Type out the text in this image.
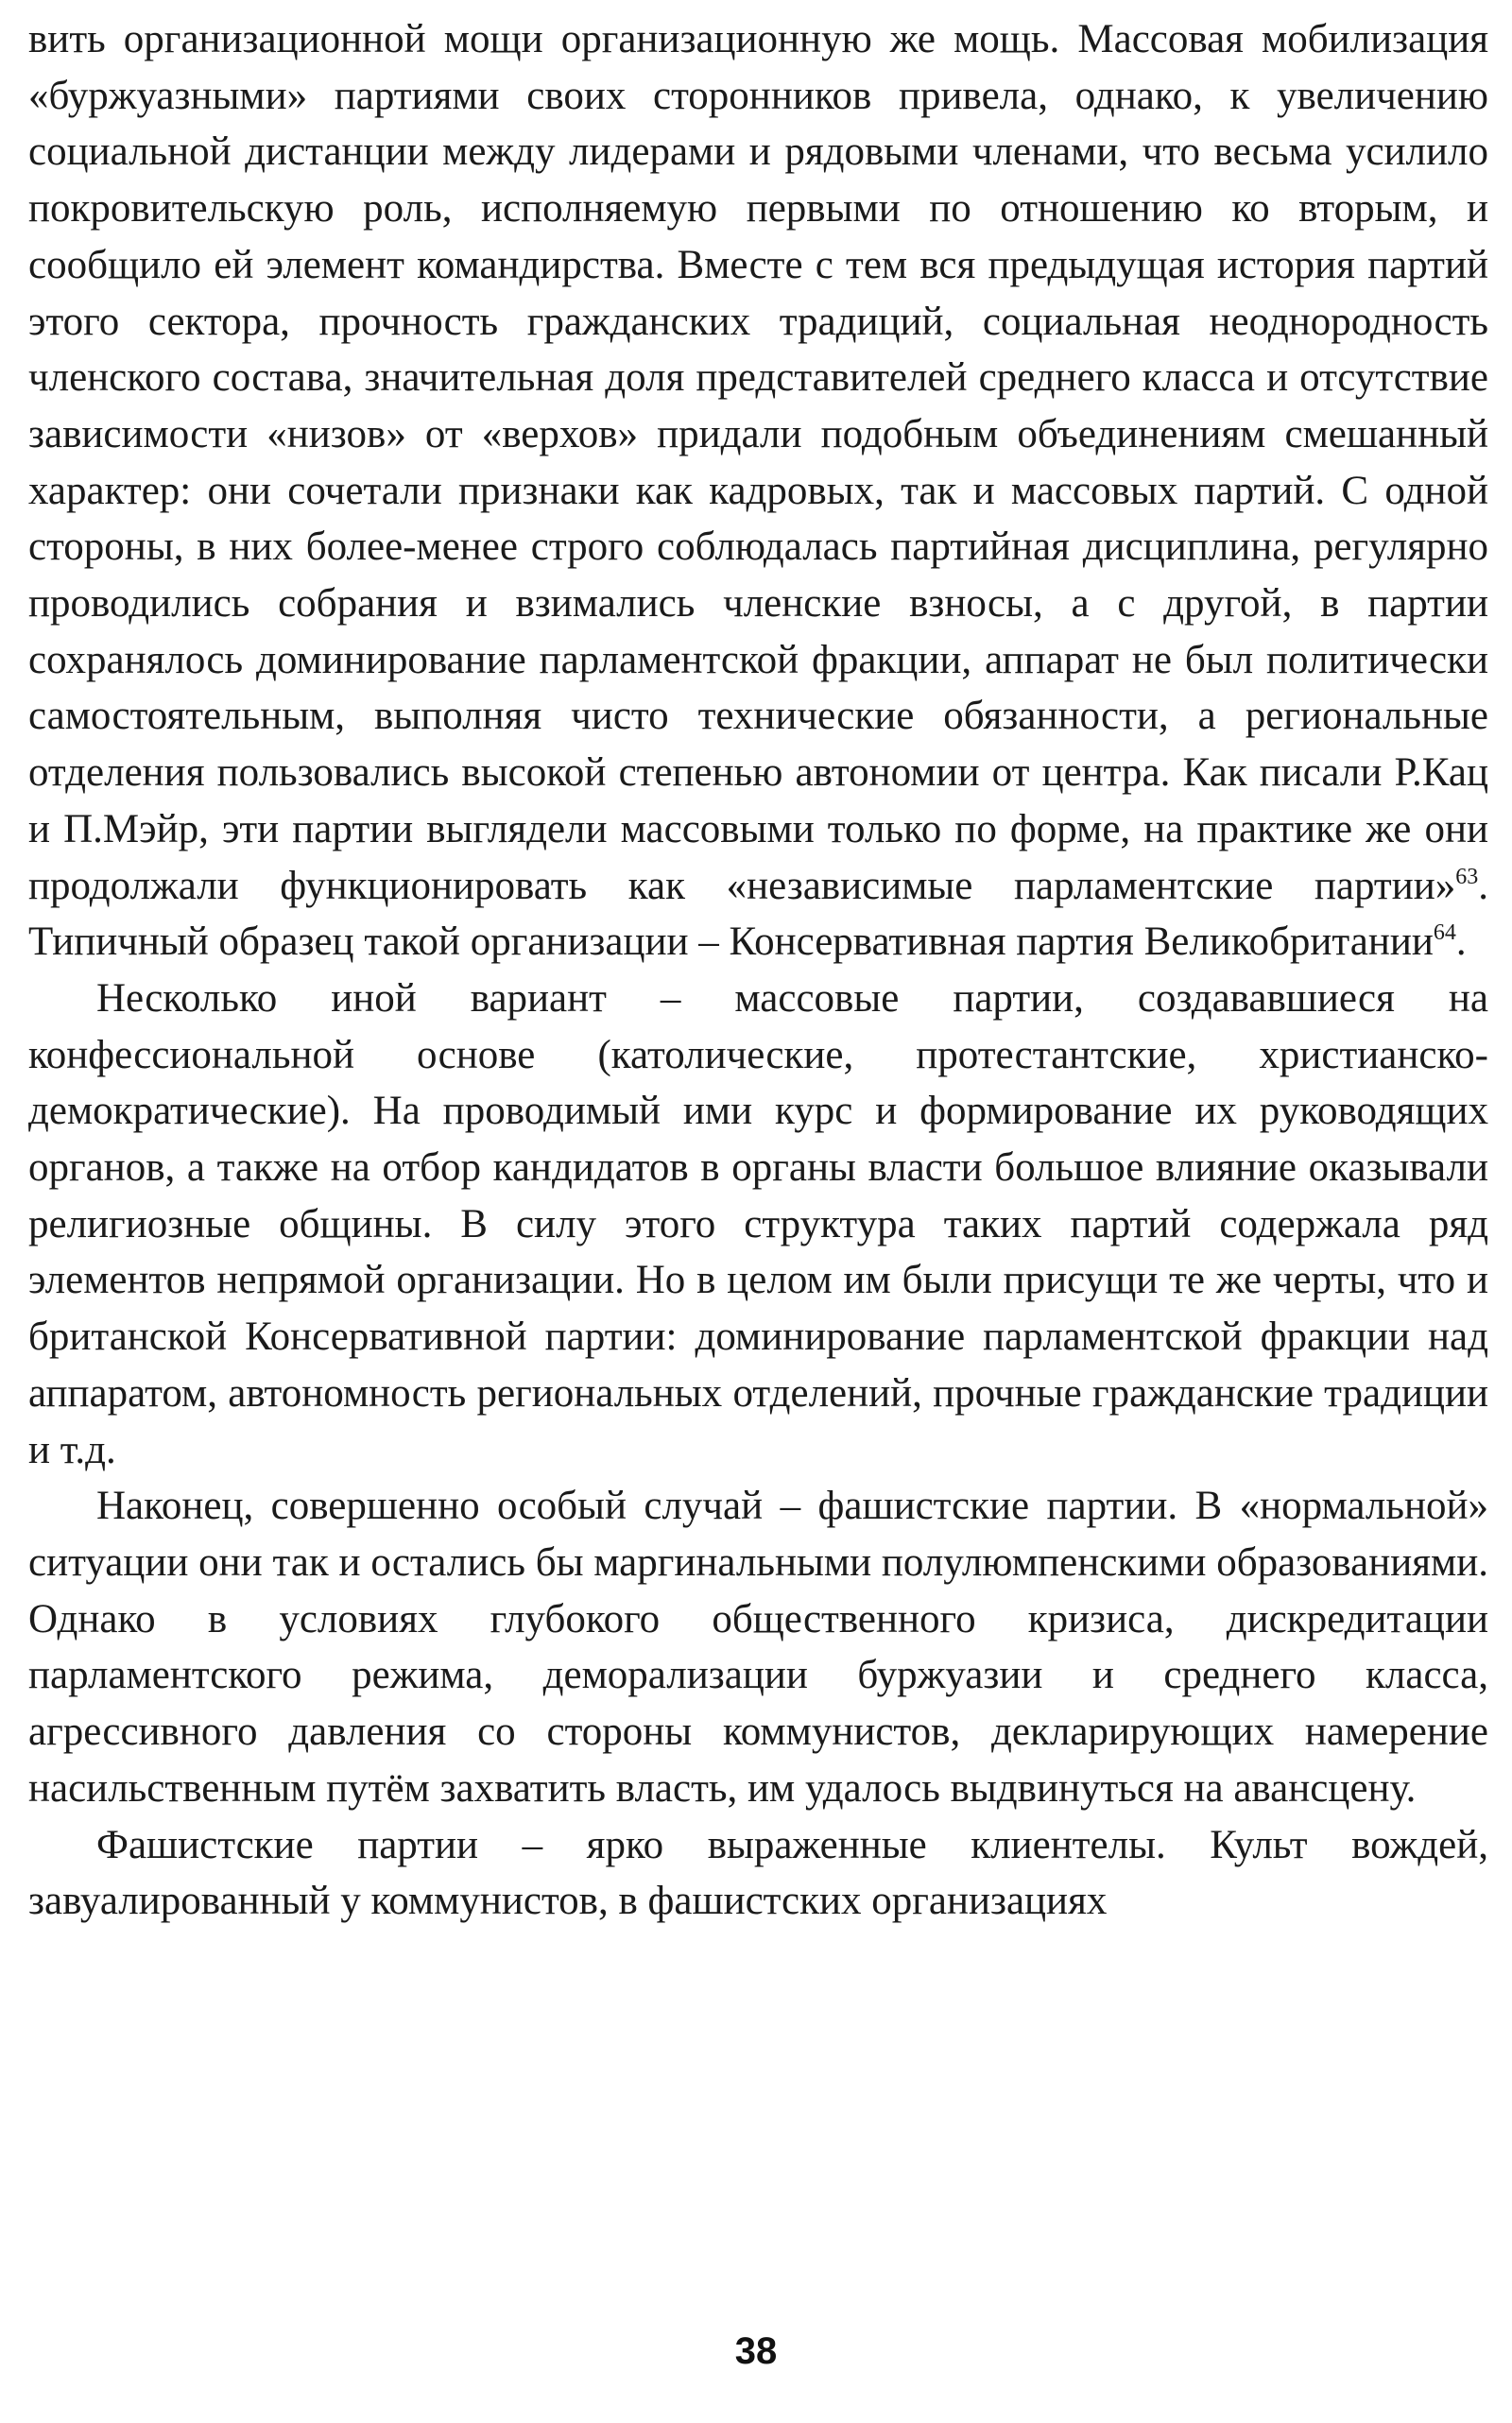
вить организационной мощи организационную же мощь. Массовая мобилизация «буржуазными» партиями своих сторонников привела, однако, к увеличению социальной дистанции между лидерами и рядовыми членами, что весьма усилило покровительскую роль, исполняемую первыми по отношению ко вторым, и сообщило ей элемент командирства. Вместе с тем вся предыдущая история партий этого сектора, прочность гражданских традиций, социальная неоднородность членского состава, значительная доля представителей среднего класса и отсутствие зависимости «низов» от «верхов» придали подобным объединениям смешанный характер: они сочетали признаки как кадровых, так и массовых партий. С одной стороны, в них более-менее строго соблюдалась партийная дисциплина, регулярно проводились собрания и взимались членские взносы, а с другой, в партии сохранялось доминирование парламентской фракции, аппарат не был политически самостоятельным, выполняя чисто технические обязанности, а региональные отделения пользовались высокой степенью автономии от центра. Как писали Р.Кац и П.Мэйр, эти партии выглядели массовыми только по форме, на практике же они продолжали функционировать как «независимые парламентские партии»$^{63}$. Типичный образец такой организации – Консервативная партия Великобритании$^{64}$.

Несколько иной вариант – массовые партии, создававшиеся на конфессиональной основе (католические, протестантские, христианско-демократические). На проводимый ими курс и формирование их руководящих органов, а также на отбор кандидатов в органы власти большое влияние оказывали религиозные общины. В силу этого структура таких партий содержала ряд элементов непрямой организации. Но в целом им были присущи те же черты, что и британской Консервативной партии: доминирование парламентской фракции над аппаратом, автономность региональных отделений, прочные гражданские традиции и т.д.

Наконец, совершенно особый случай – фашистские партии. В «нормальной» ситуации они так и остались бы маргинальными полулюмпенскими образованиями. Однако в условиях глубокого общественного кризиса, дискредитации парламентского режима, деморализации буржуазии и среднего класса, агрессивного давления со стороны коммунистов, декларирующих намерение насильственным путём захватить власть, им удалось выдвинуться на авансцену.

Фашистские партии – ярко выраженные клиентелы. Культ вождей, завуалированный у коммунистов, в фашистских организациях

38
